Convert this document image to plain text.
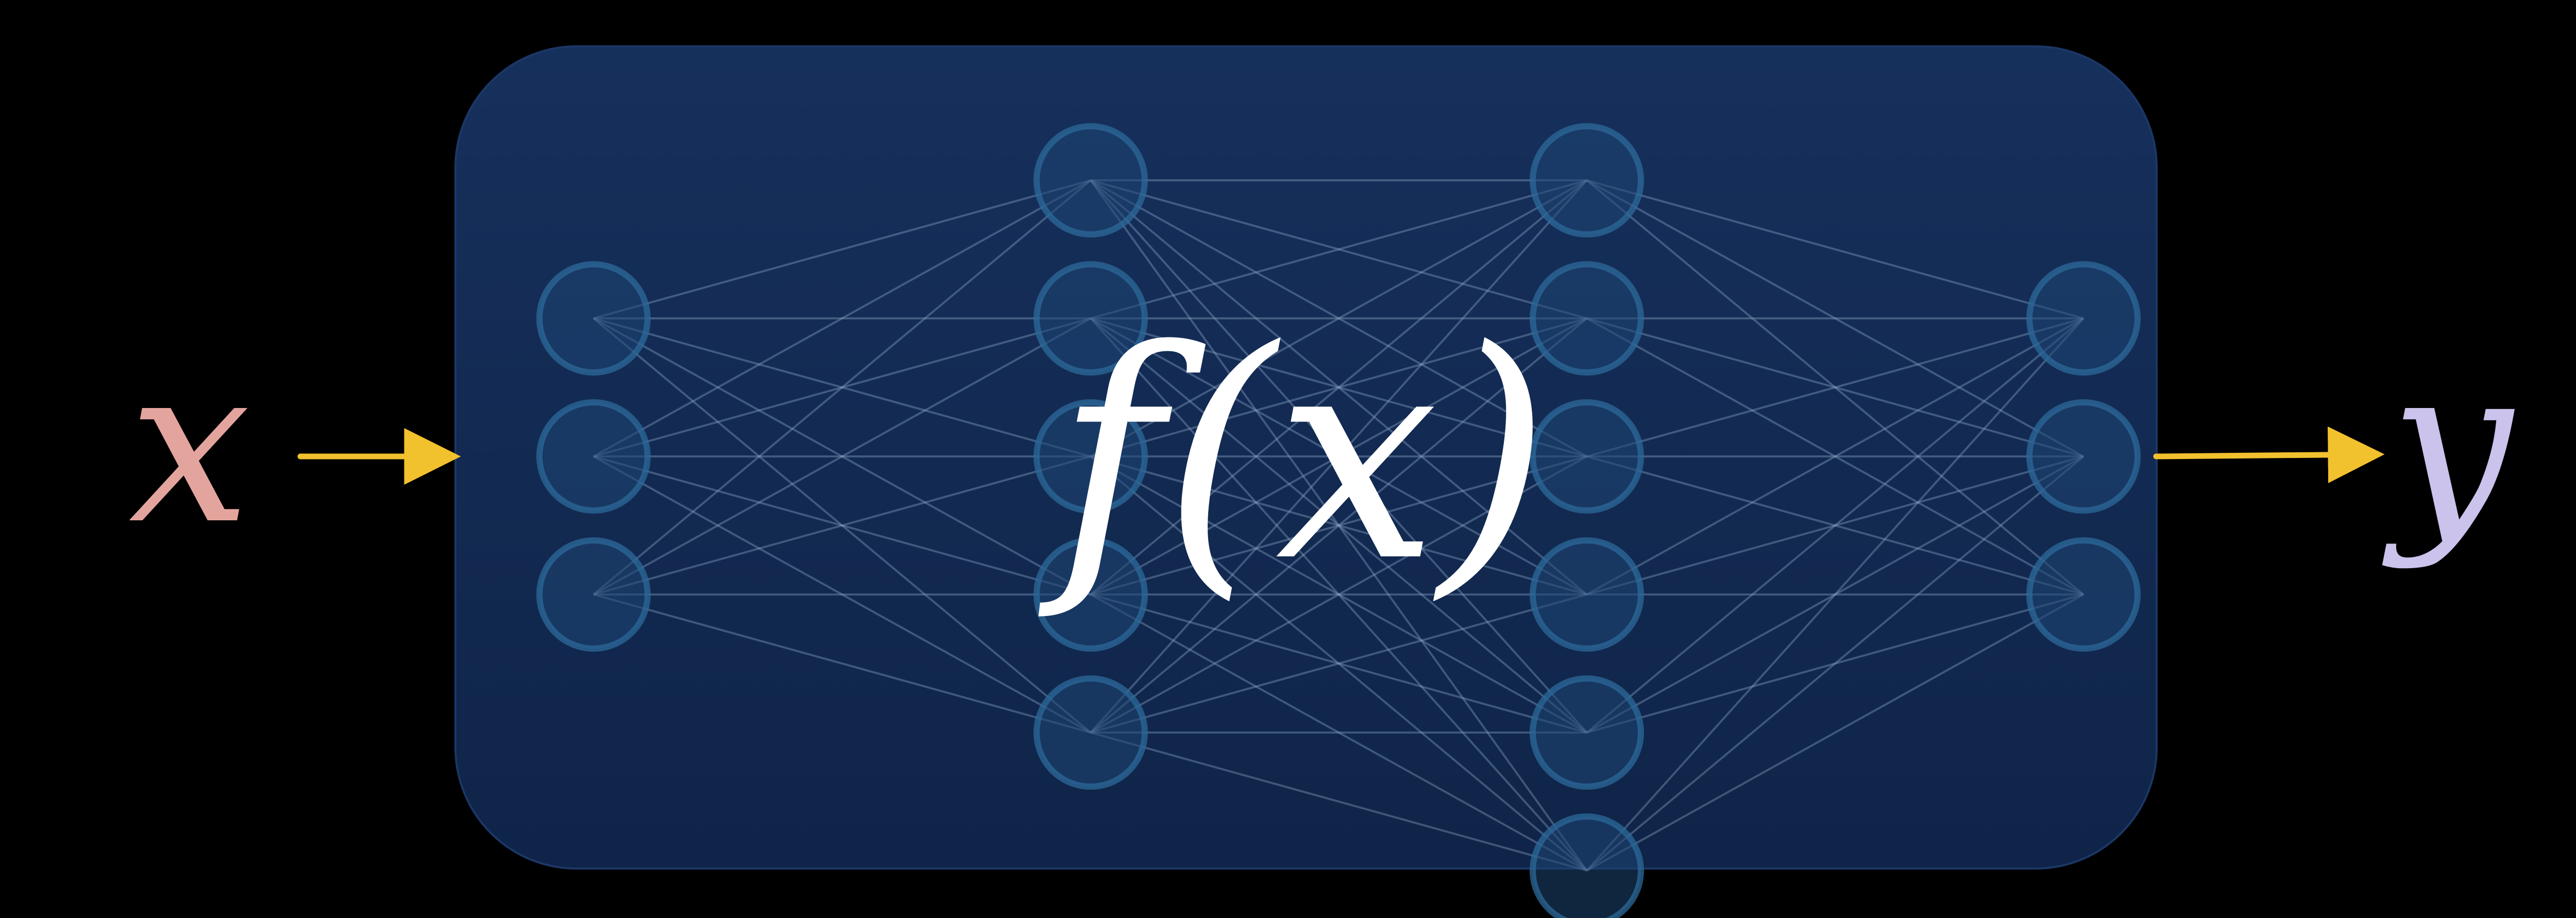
x	f(x)	y
